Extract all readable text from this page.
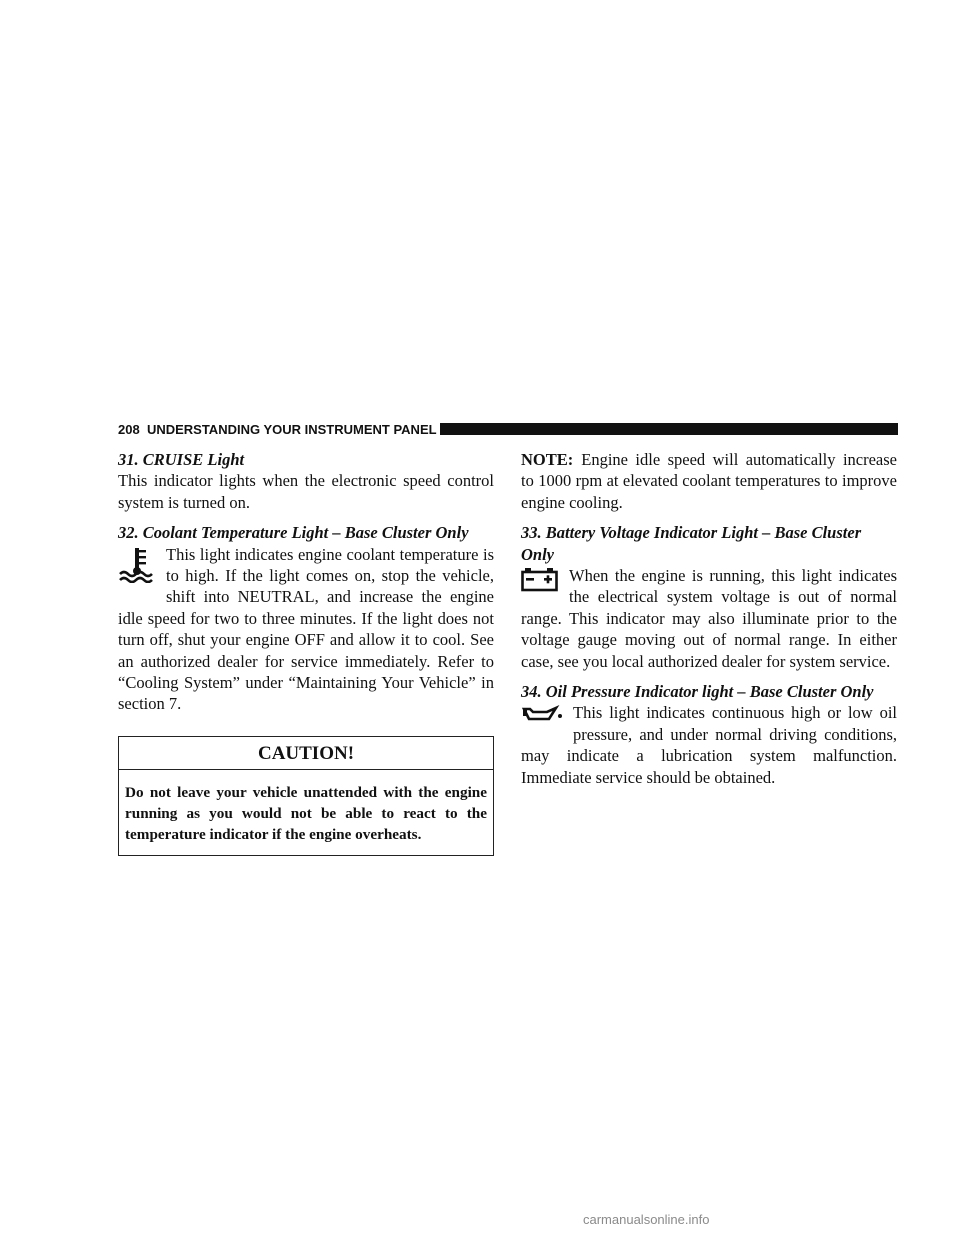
208 UNDERSTANDING YOUR INSTRUMENT PANEL

31. CRUISE Light

This indicator lights when the electronic speed control system is turned on.

32. Coolant Temperature Light – Base Cluster Only

This light indicates engine coolant temperature is to high. If the light comes on, stop the vehicle, shift into NEUTRAL, and increase the engine idle speed for two to three minutes. If the light does not turn off, shut your engine OFF and allow it to cool. See an authorized dealer for service immediately. Refer to “Cooling System” under “Maintaining Your Vehicle” in section 7.

CAUTION!
Do not leave your vehicle unattended with the engine running as you would not be able to react to the temperature indicator if the engine overheats.

NOTE: Engine idle speed will automatically increase to 1000 rpm at elevated coolant temperatures to improve engine cooling.

33. Battery Voltage Indicator Light – Base Cluster Only

When the engine is running, this light indicates the electrical system voltage is out of normal range. This indicator may also illuminate prior to the voltage gauge moving out of normal range. In either case, see you local authorized dealer for system service.

34. Oil Pressure Indicator light – Base Cluster Only

This light indicates continuous high or low oil pressure, and under normal driving conditions, may indicate a lubrication system malfunction. Immediate service should be obtained.

carmanualsonline.info
